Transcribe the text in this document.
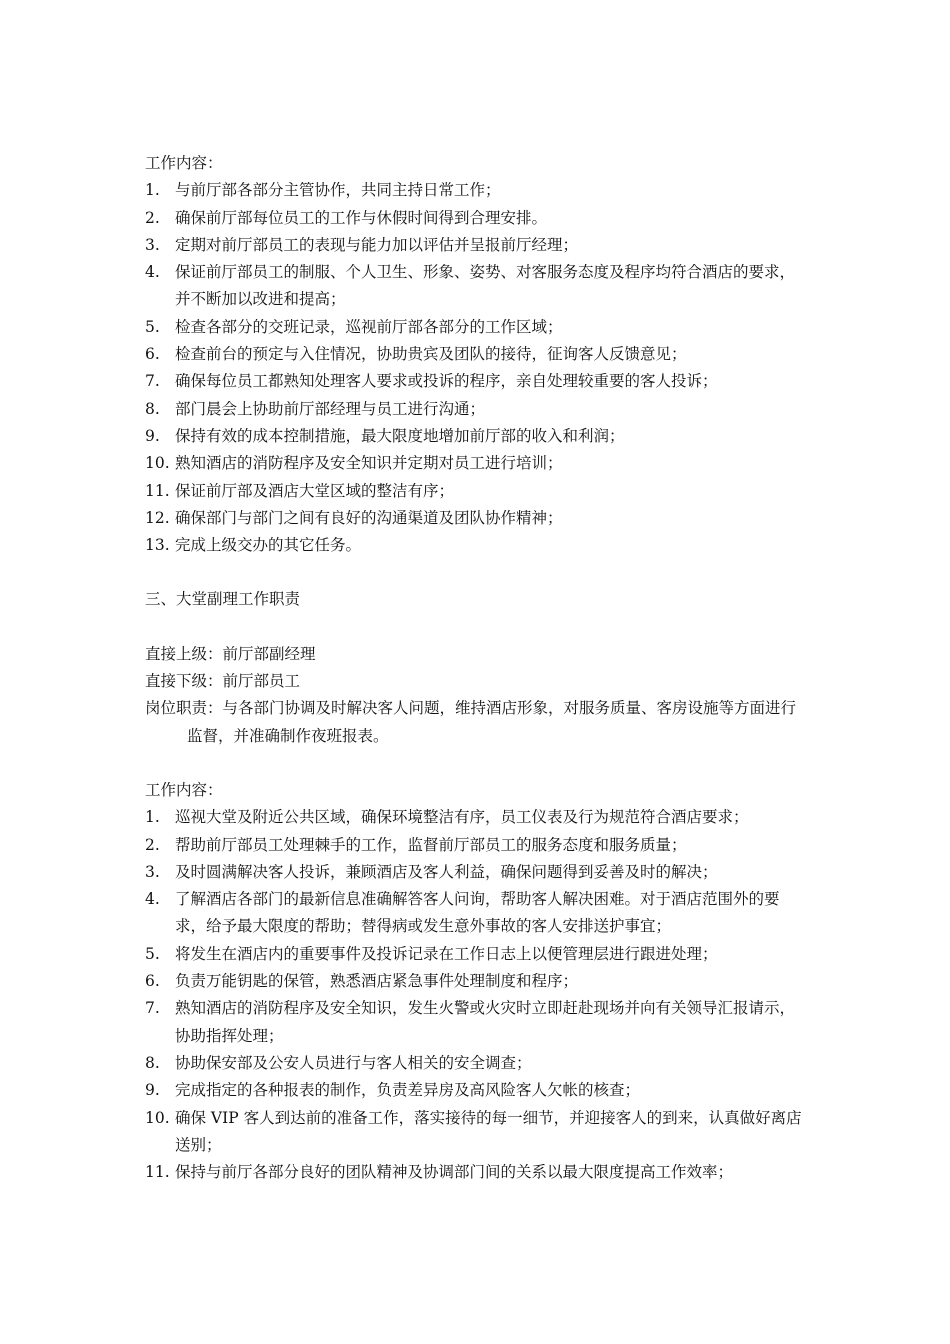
工作内容：
1. 与前厅部各部分主管协作，共同主持日常工作；
2. 确保前厅部每位员工的工作与休假时间得到合理安排。
3. 定期对前厅部员工的表现与能力加以评估并呈报前厅经理；
4. 保证前厅部员工的制服、个人卫生、形象、姿势、对客服务态度及程序均符合酒店的要求，并不断加以改进和提高；
5. 检查各部分的交班记录，巡视前厅部各部分的工作区域；
6. 检查前台的预定与入住情况，协助贵宾及团队的接待，征询客人反馈意见；
7. 确保每位员工都熟知处理客人要求或投诉的程序，亲自处理较重要的客人投诉；
8. 部门晨会上协助前厅部经理与员工进行沟通；
9. 保持有效的成本控制措施，最大限度地增加前厅部的收入和利润；
10. 熟知酒店的消防程序及安全知识并定期对员工进行培训；
11. 保证前厅部及酒店大堂区域的整洁有序；
12. 确保部门与部门之间有良好的沟通渠道及团队协作精神；
13. 完成上级交办的其它任务。
三、大堂副理工作职责
直接上级：前厅部副经理
直接下级：前厅部员工
岗位职责：与各部门协调及时解决客人问题，维持酒店形象，对服务质量、客房设施等方面进行监督，并准确制作夜班报表。
工作内容：
1. 巡视大堂及附近公共区域，确保环境整洁有序，员工仪表及行为规范符合酒店要求；
2. 帮助前厅部员工处理棘手的工作，监督前厅部员工的服务态度和服务质量；
3. 及时圆满解决客人投诉，兼顾酒店及客人利益，确保问题得到妥善及时的解决；
4. 了解酒店各部门的最新信息准确解答客人问询，帮助客人解决困难。对于酒店范围外的要求，给予最大限度的帮助；替得病或发生意外事故的客人安排送护事宜；
5. 将发生在酒店内的重要事件及投诉记录在工作日志上以便管理层进行跟进处理；
6. 负责万能钥匙的保管，熟悉酒店紧急事件处理制度和程序；
7. 熟知酒店的消防程序及安全知识，发生火警或火灾时立即赶赴现场并向有关领导汇报请示，协助指挥处理；
8. 协助保安部及公安人员进行与客人相关的安全调查；
9. 完成指定的各种报表的制作，负责差异房及高风险客人欠帐的核查；
10. 确保 VIP 客人到达前的准备工作，落实接待的每一细节，并迎接客人的到来，认真做好离店送别；
11. 保持与前厅各部分良好的团队精神及协调部门间的关系以最大限度提高工作效率；
